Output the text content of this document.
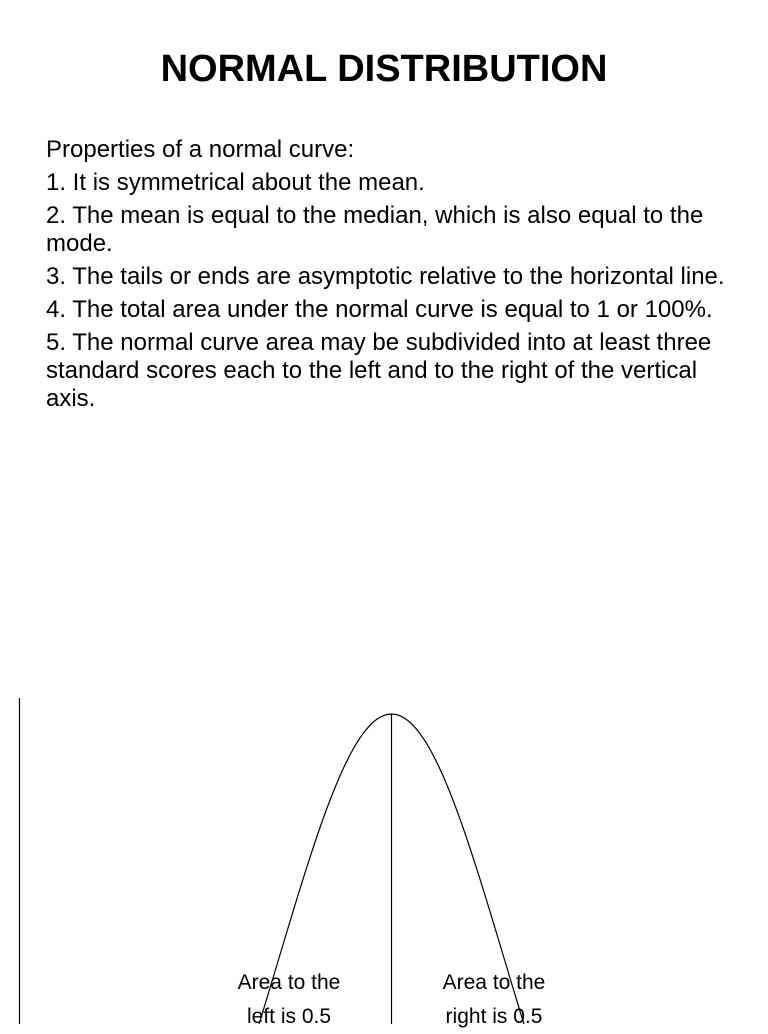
NORMAL DISTRIBUTION

Properties of a normal curve:

1. It is symmetrical about the mean.

2. The mean is equal to the median, which is also equal to the mode.

3. The tails or ends are asymptotic relative to the horizontal line.

4. The total area under the normal curve is equal to 1 or 100%.

5. The normal curve area may be subdivided into at least three standard scores each to the left and to the right of the vertical axis.

Area to the
left is 0.5
Area to the
right is 0.5
